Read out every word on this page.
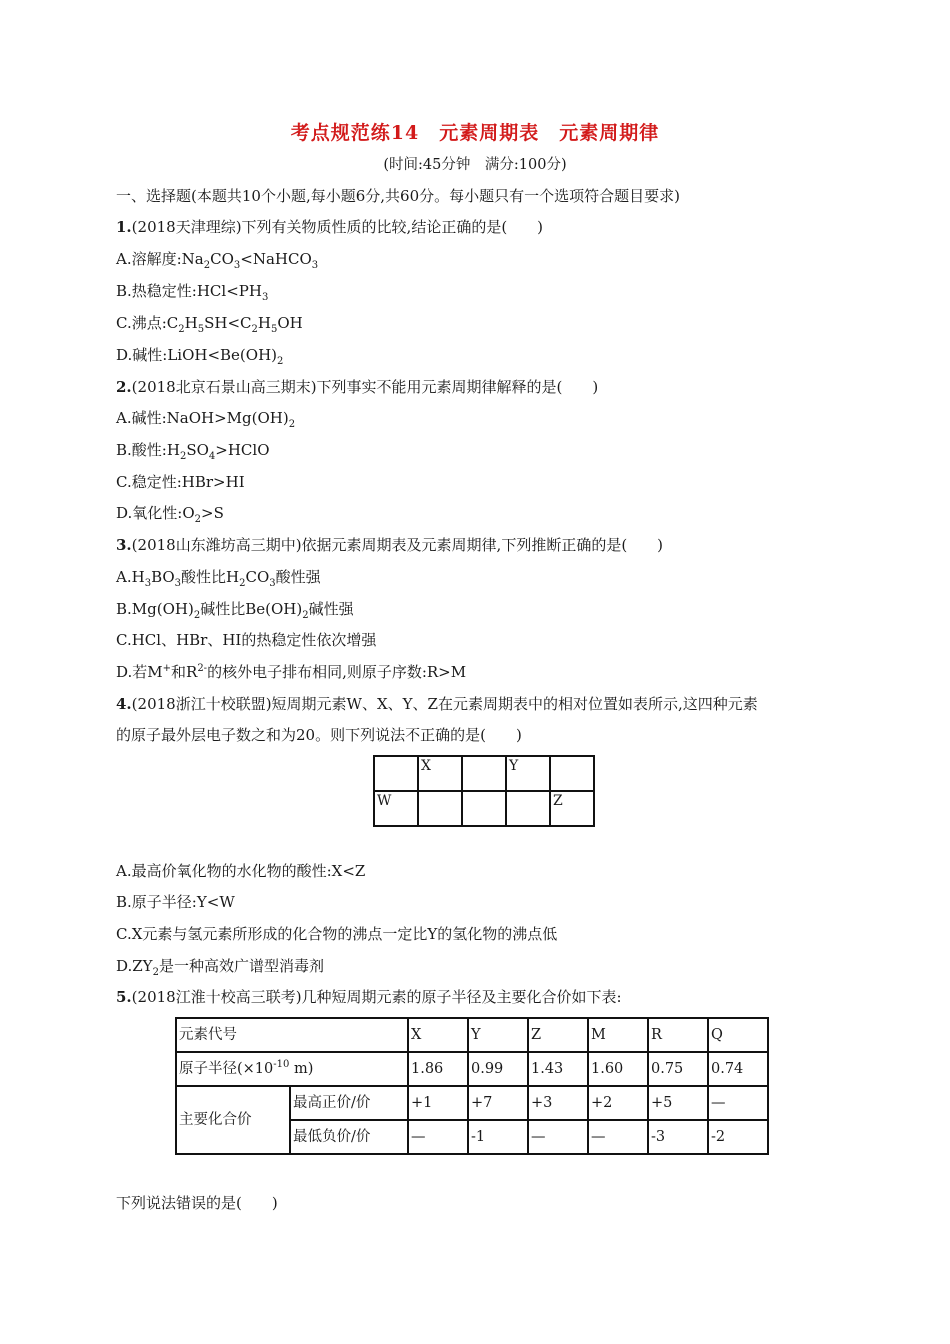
考点规范练14　元素周期表　元素周期律
(时间:45分钟　满分:100分)
一、选择题(本题共10个小题,每小题6分,共60分。每小题只有一个选项符合题目要求)
1.(2018天津理综)下列有关物质性质的比较,结论正确的是(　　)
A.溶解度$:Na_2CO_3<NaHCO_3$
B.热稳定性$:HCl<PH_3$
C.沸点$:C_2H_5SH<C_2H_5OH$
D.碱性$:LiOH<Be(OH)_2$
2.(2018北京石景山高三期末)下列事实不能用元素周期律解释的是(　　)
A.碱性$:NaOH>Mg(OH)_2$
B.酸性$:H_2SO_4>HClO$
C.稳定性:HBr>HI
D.氧化性$:O_2>S$
3.(2018山东潍坊高三期中)依据元素周期表及元素周期律,下列推断正确的是(　　)
$A.H_3BO_3$酸性比$H_2CO_3$酸性强
$B.Mg(OH)_2$碱性比$Be(OH)_2$碱性强
C.HCl、HBr、HI的热稳定性依次增强
D.若M+和$R^{2-}$的核外电子排布相同,则原子序数:R>M
4.(2018浙江十校联盟)短周期元素W、X、Y、Z在元素周期表中的相对位置如表所示,这四种元素
的原子最外层电子数之和为20。则下列说法不正确的是(　　)
	X		Y	
W				Z
A.最高价氧化物的水化物的酸性:X<Z
B.原子半径:Y<W
C.X元素与氢元素所形成的化合物的沸点一定比Y的氢化物的沸点低
$D.ZY_2$是一种高效广谱型消毒剂
5.(2018江淮十校高三联考)几种短周期元素的原子半径及主要化合价如下表:
元素代号		X	Y	Z	M	R	Q
原子半径($\times 10^{-10}$ m)		1.86	0.99	1.43	1.60	0.75	0.74
主要化合价	最高正价/价	+1	+7	+3	+2	+5	—
	最低负价/价	—	-1	—	—	-3	-2
下列说法错误的是(　　)
